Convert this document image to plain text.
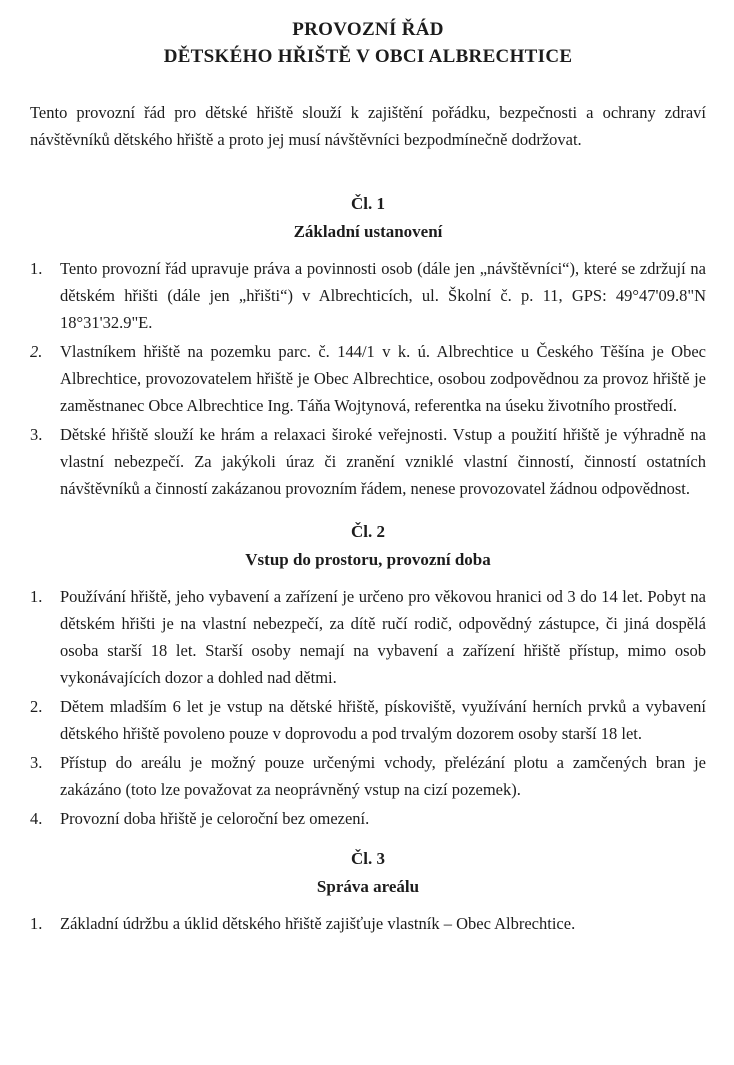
PROVOZNÍ ŘÁD
DĚTSKÉHO HŘIŠTĚ V OBCI ALBRECHTICE

Tento provozní řád pro dětské hřiště slouží k zajištění pořádku, bezpečnosti a ochrany zdraví návštěvníků dětského hřiště a proto jej musí návštěvníci bezpodmínečně dodržovat.

Čl. 1
Základní ustanovení
1.	Tento provozní řád upravuje práva a povinnosti osob (dále jen „návštěvníci“), které se zdržují na dětském hřišti (dále jen „hřišti“) v Albrechticích, ul. Školní č. p. 11, GPS: 49°47'09.8"N 18°31'32.9"E.
2.	Vlastníkem hřiště na pozemku parc. č. 144/1 v k. ú. Albrechtice u Českého Těšína je Obec Albrechtice, provozovatelem hřiště je Obec Albrechtice, osobou zodpovědnou za provoz hřiště je zaměstnanec Obce Albrechtice Ing. Táňa Wojtynová, referentka na úseku životního prostředí.
3.	Dětské hřiště slouží ke hrám a relaxaci široké veřejnosti. Vstup a použití hřiště je výhradně na vlastní nebezpečí. Za jakýkoli úraz či zranění vzniklé vlastní činností, činností ostatních návštěvníků a činností zakázanou provozním řádem, nenese provozovatel žádnou odpovědnost.
Čl. 2
Vstup do prostoru, provozní doba
1.	Používání hřiště, jeho vybavení a zařízení je určeno pro věkovou hranici od 3 do 14 let. Pobyt na dětském hřišti je na vlastní nebezpečí, za dítě ručí rodič, odpovědný zástupce, či jiná dospělá osoba starší 18 let. Starší osoby nemají na vybavení a zařízení hřiště přístup, mimo osob vykonávajících dozor a dohled nad dětmi.
2.	Dětem mladším 6 let je vstup na dětské hřiště, pískoviště, využívání herních prvků a vybavení dětského hřiště povoleno pouze v doprovodu a pod trvalým dozorem osoby starší 18 let.
3.	Přístup do areálu je možný pouze určenými vchody, přelézání plotu a zamčených bran je zakázáno (toto lze považovat za neoprávněný vstup na cizí pozemek).
4.	Provozní doba hřiště je celoroční bez omezení.
Čl. 3
Správa areálu
1.	Základní údržbu a úklid dětského hřiště zajišťuje vlastník – Obec Albrechtice.
